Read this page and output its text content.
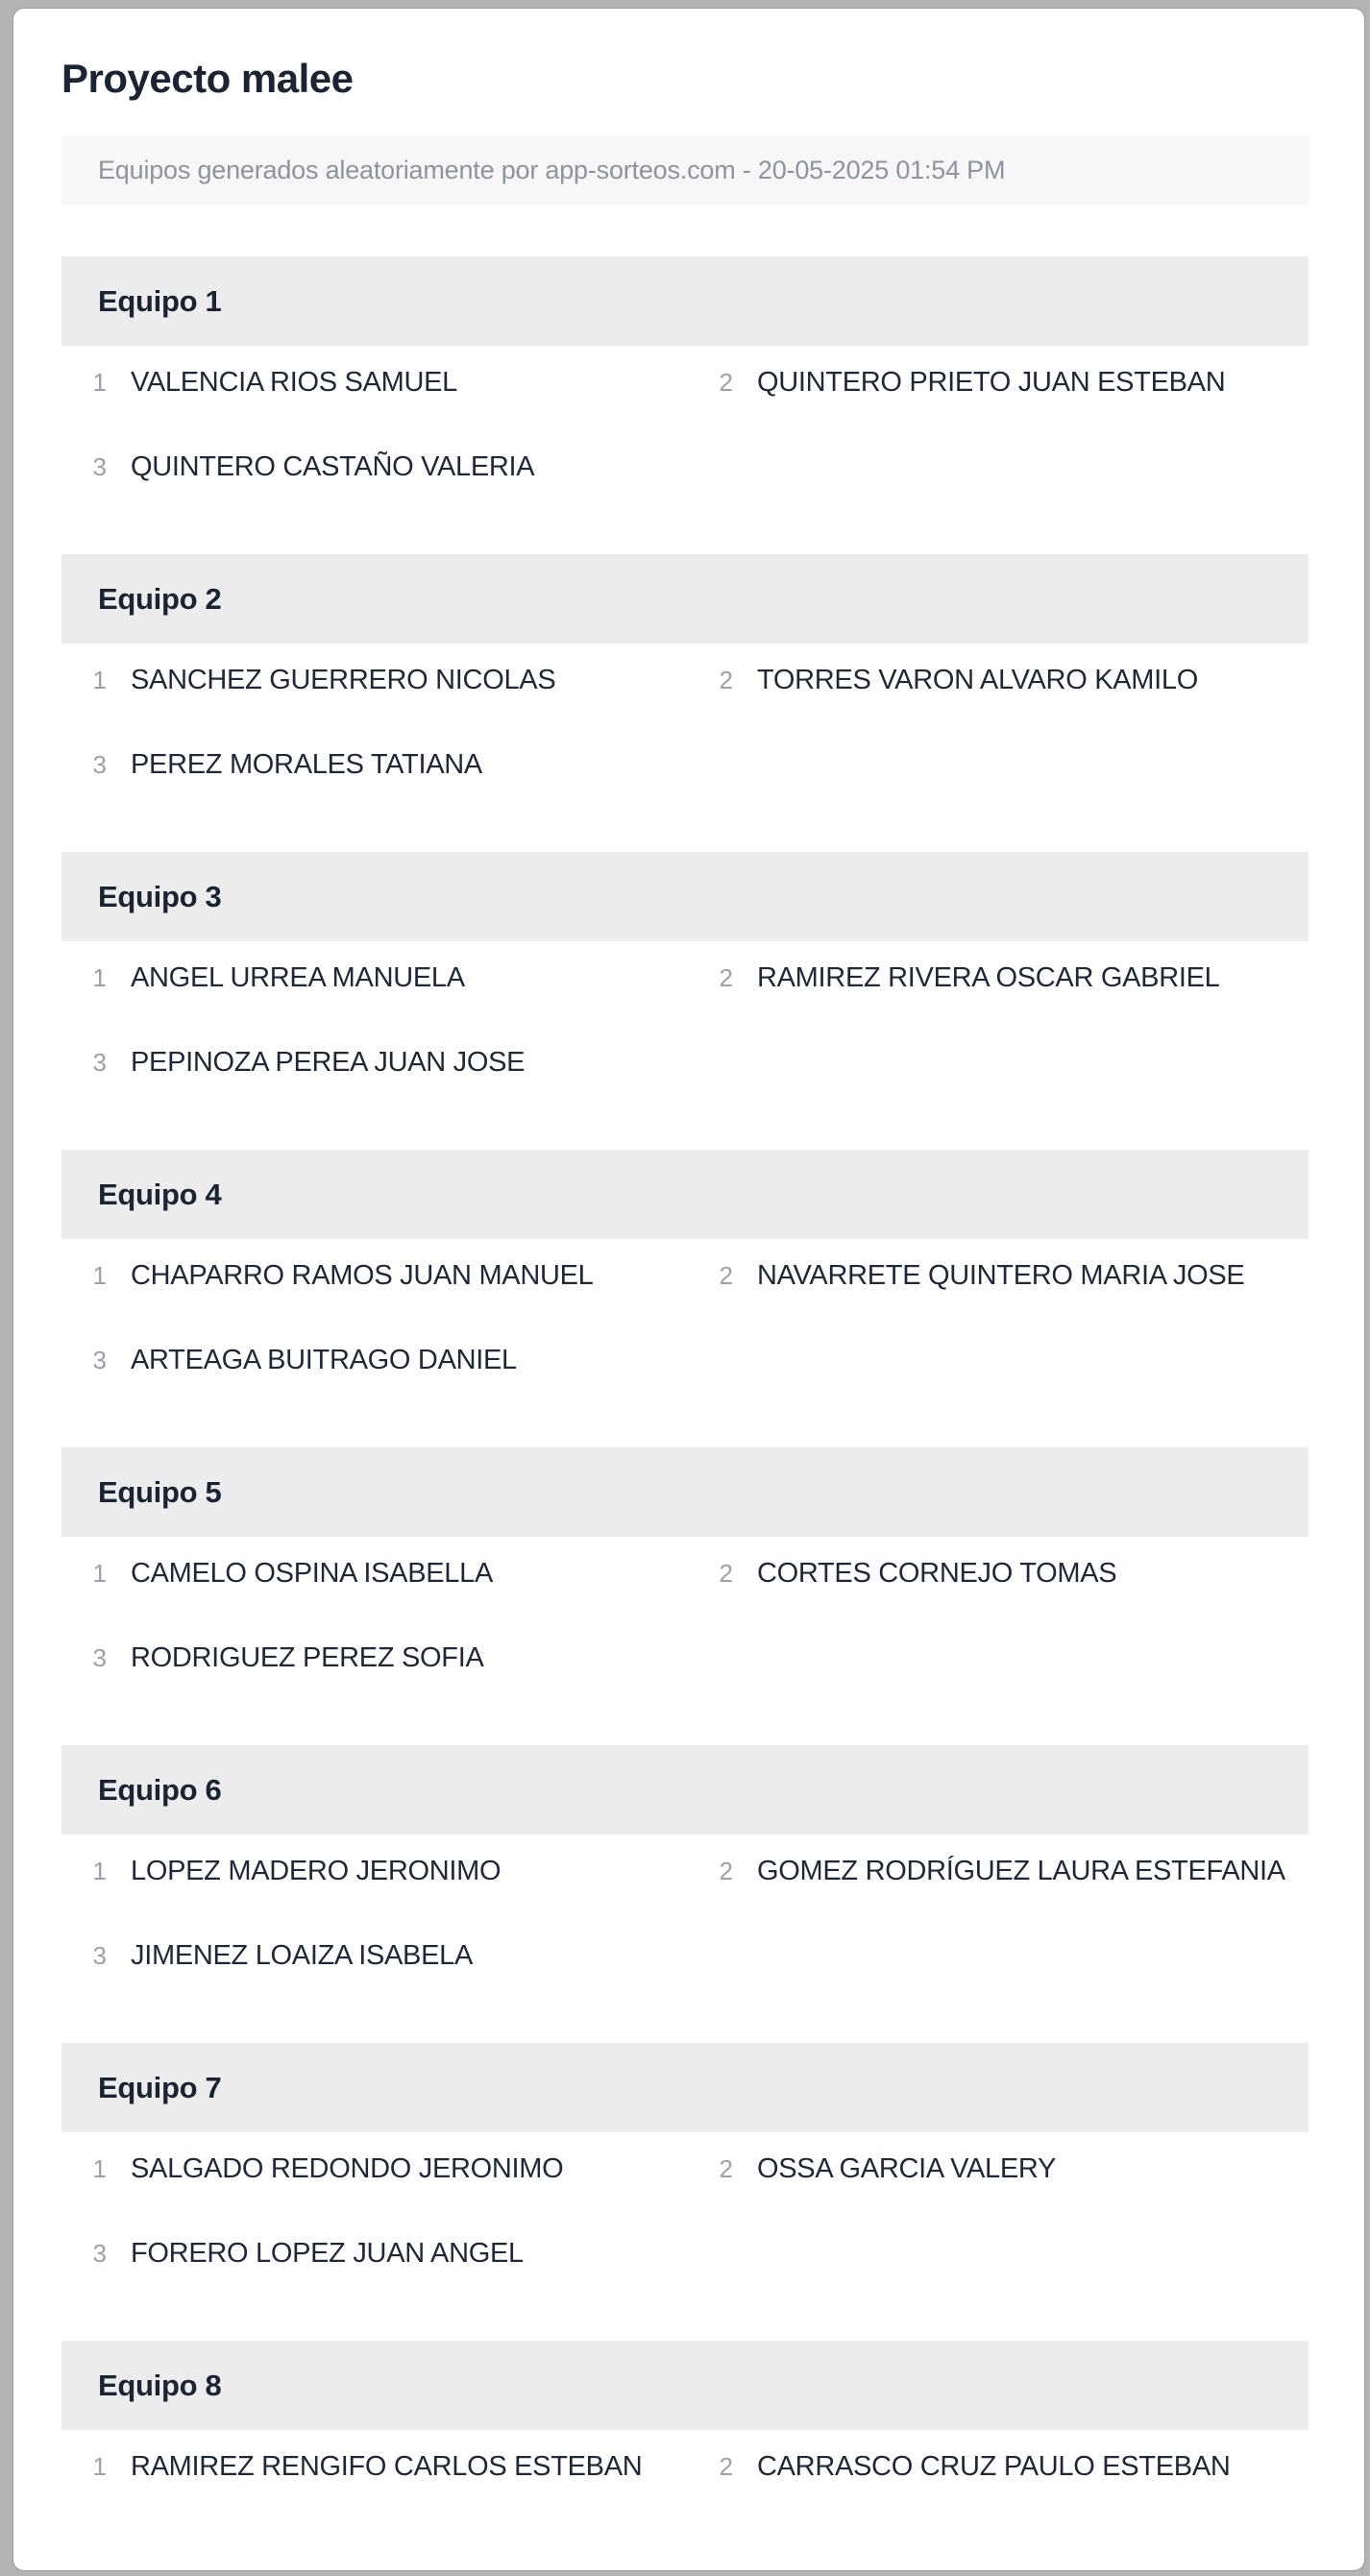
Proyecto malee
Equipos generados aleatoriamente por app-sorteos.com - 20-05-2025 01:54 PM
Equipo 1
1 VALENCIA RIOS SAMUEL	2 QUINTERO PRIETO JUAN ESTEBAN
3 QUINTERO CASTAÑO VALERIA
Equipo 2
1 SANCHEZ GUERRERO NICOLAS	2 TORRES VARON ALVARO KAMILO
3 PEREZ MORALES TATIANA
Equipo 3
1 ANGEL URREA MANUELA	2 RAMIREZ RIVERA OSCAR GABRIEL
3 PEPINOZA PEREA JUAN JOSE
Equipo 4
1 CHAPARRO RAMOS JUAN MANUEL	2 NAVARRETE QUINTERO MARIA JOSE
3 ARTEAGA BUITRAGO DANIEL
Equipo 5
1 CAMELO OSPINA ISABELLA	2 CORTES CORNEJO TOMAS
3 RODRIGUEZ PEREZ SOFIA
Equipo 6
1 LOPEZ MADERO JERONIMO	2 GOMEZ RODRÍGUEZ LAURA ESTEFANIA
3 JIMENEZ LOAIZA ISABELA
Equipo 7
1 SALGADO REDONDO JERONIMO	2 OSSA GARCIA VALERY
3 FORERO LOPEZ JUAN ANGEL
Equipo 8
1 RAMIREZ RENGIFO CARLOS ESTEBAN	2 CARRASCO CRUZ PAULO ESTEBAN
